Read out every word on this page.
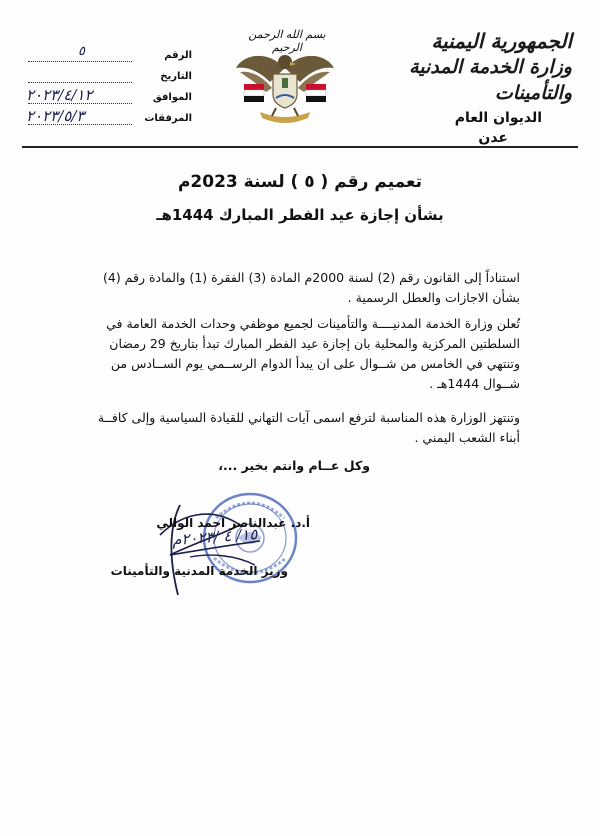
الجمهورية اليمنية
وزارة الخدمة المدنية والتأمينات
الديوان العام
عدن
بسم الله الرحمن الرحيم
الرقم
٥
التاريخ
الموافق
٢٠٢٣/٤/١٢
المرفقات
٢٠٢٣/٥/٣
تعميم رقم ( ٥ ) لسنة 2023م
بشأن إجازة عيد الفطر المبارك 1444هـ
استناداً إلى القانون رقم (2) لسنة 2000م المادة (3) الفقرة (1) والمادة رقم (4) بشأن الاجازات والعطل الرسمية .
تُعلن وزارة الخدمة المدنيــــة والتأمينات لجميع موظفي وحدات الخدمة العامة في السلطتين المركزية والمحلية بان إجازة عيد الفطر المبارك تبدأ بتاريخ 29 رمضان وتنتهي في الخامس من شــوال على ان يبدأ الدوام الرســمي يوم الســادس من شــوال 1444هـ .
وتنتهز الوزارة هذه المناسبة لترفع اسمى آيات التهاني للقيادة السياسية وإلى كافــة أبناء الشعب اليمني .
وكل عــام وانتم بخير ...،
١٥/ ٤ /٢٠٢٣م
أ.د. عبدالناصر احمد الوالي
وزير الخدمة المدنية والتأمينات
